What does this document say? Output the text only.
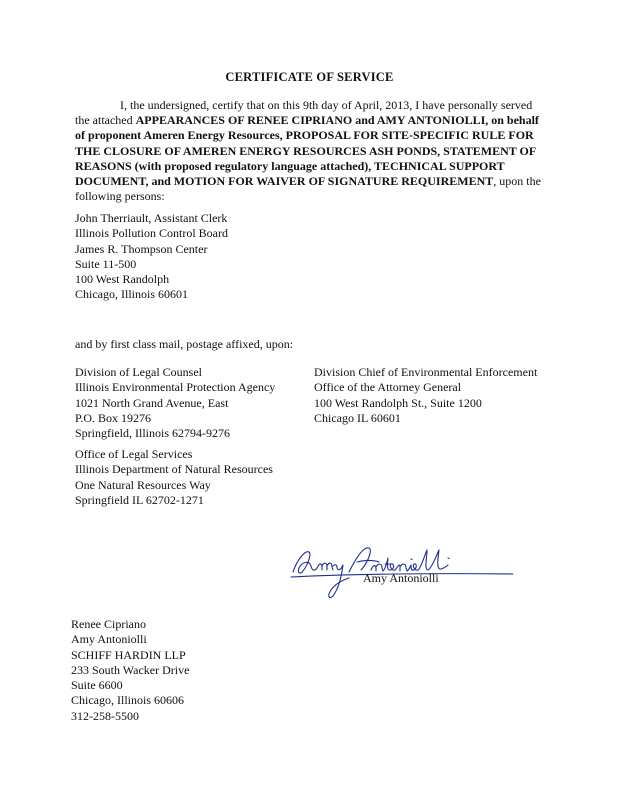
CERTIFICATE OF SERVICE
I, the undersigned, certify that on this 9th day of April, 2013, I have personally served the attached APPEARANCES OF RENEE CIPRIANO and AMY ANTONIOLLI, on behalf of proponent Ameren Energy Resources, PROPOSAL FOR SITE-SPECIFIC RULE FOR THE CLOSURE OF AMEREN ENERGY RESOURCES ASH PONDS, STATEMENT OF REASONS (with proposed regulatory language attached), TECHNICAL SUPPORT DOCUMENT, and MOTION FOR WAIVER OF SIGNATURE REQUIREMENT, upon the following persons:
John Therriault, Assistant Clerk
Illinois Pollution Control Board
James R. Thompson Center
Suite 11-500
100 West Randolph
Chicago, Illinois 60601
and by first class mail, postage affixed, upon:
Division of Legal Counsel
Illinois Environmental Protection Agency
1021 North Grand Avenue, East
P.O. Box 19276
Springfield, Illinois 62794-9276
Division Chief of Environmental Enforcement
Office of the Attorney General
100 West Randolph St., Suite 1200
Chicago IL 60601
Office of Legal Services
Illinois Department of Natural Resources
One Natural Resources Way
Springfield IL 62702-1271
Amy Antoniolli
Renee Cipriano
Amy Antoniolli
SCHIFF HARDIN LLP
233 South Wacker Drive
Suite 6600
Chicago, Illinois 60606
312-258-5500
